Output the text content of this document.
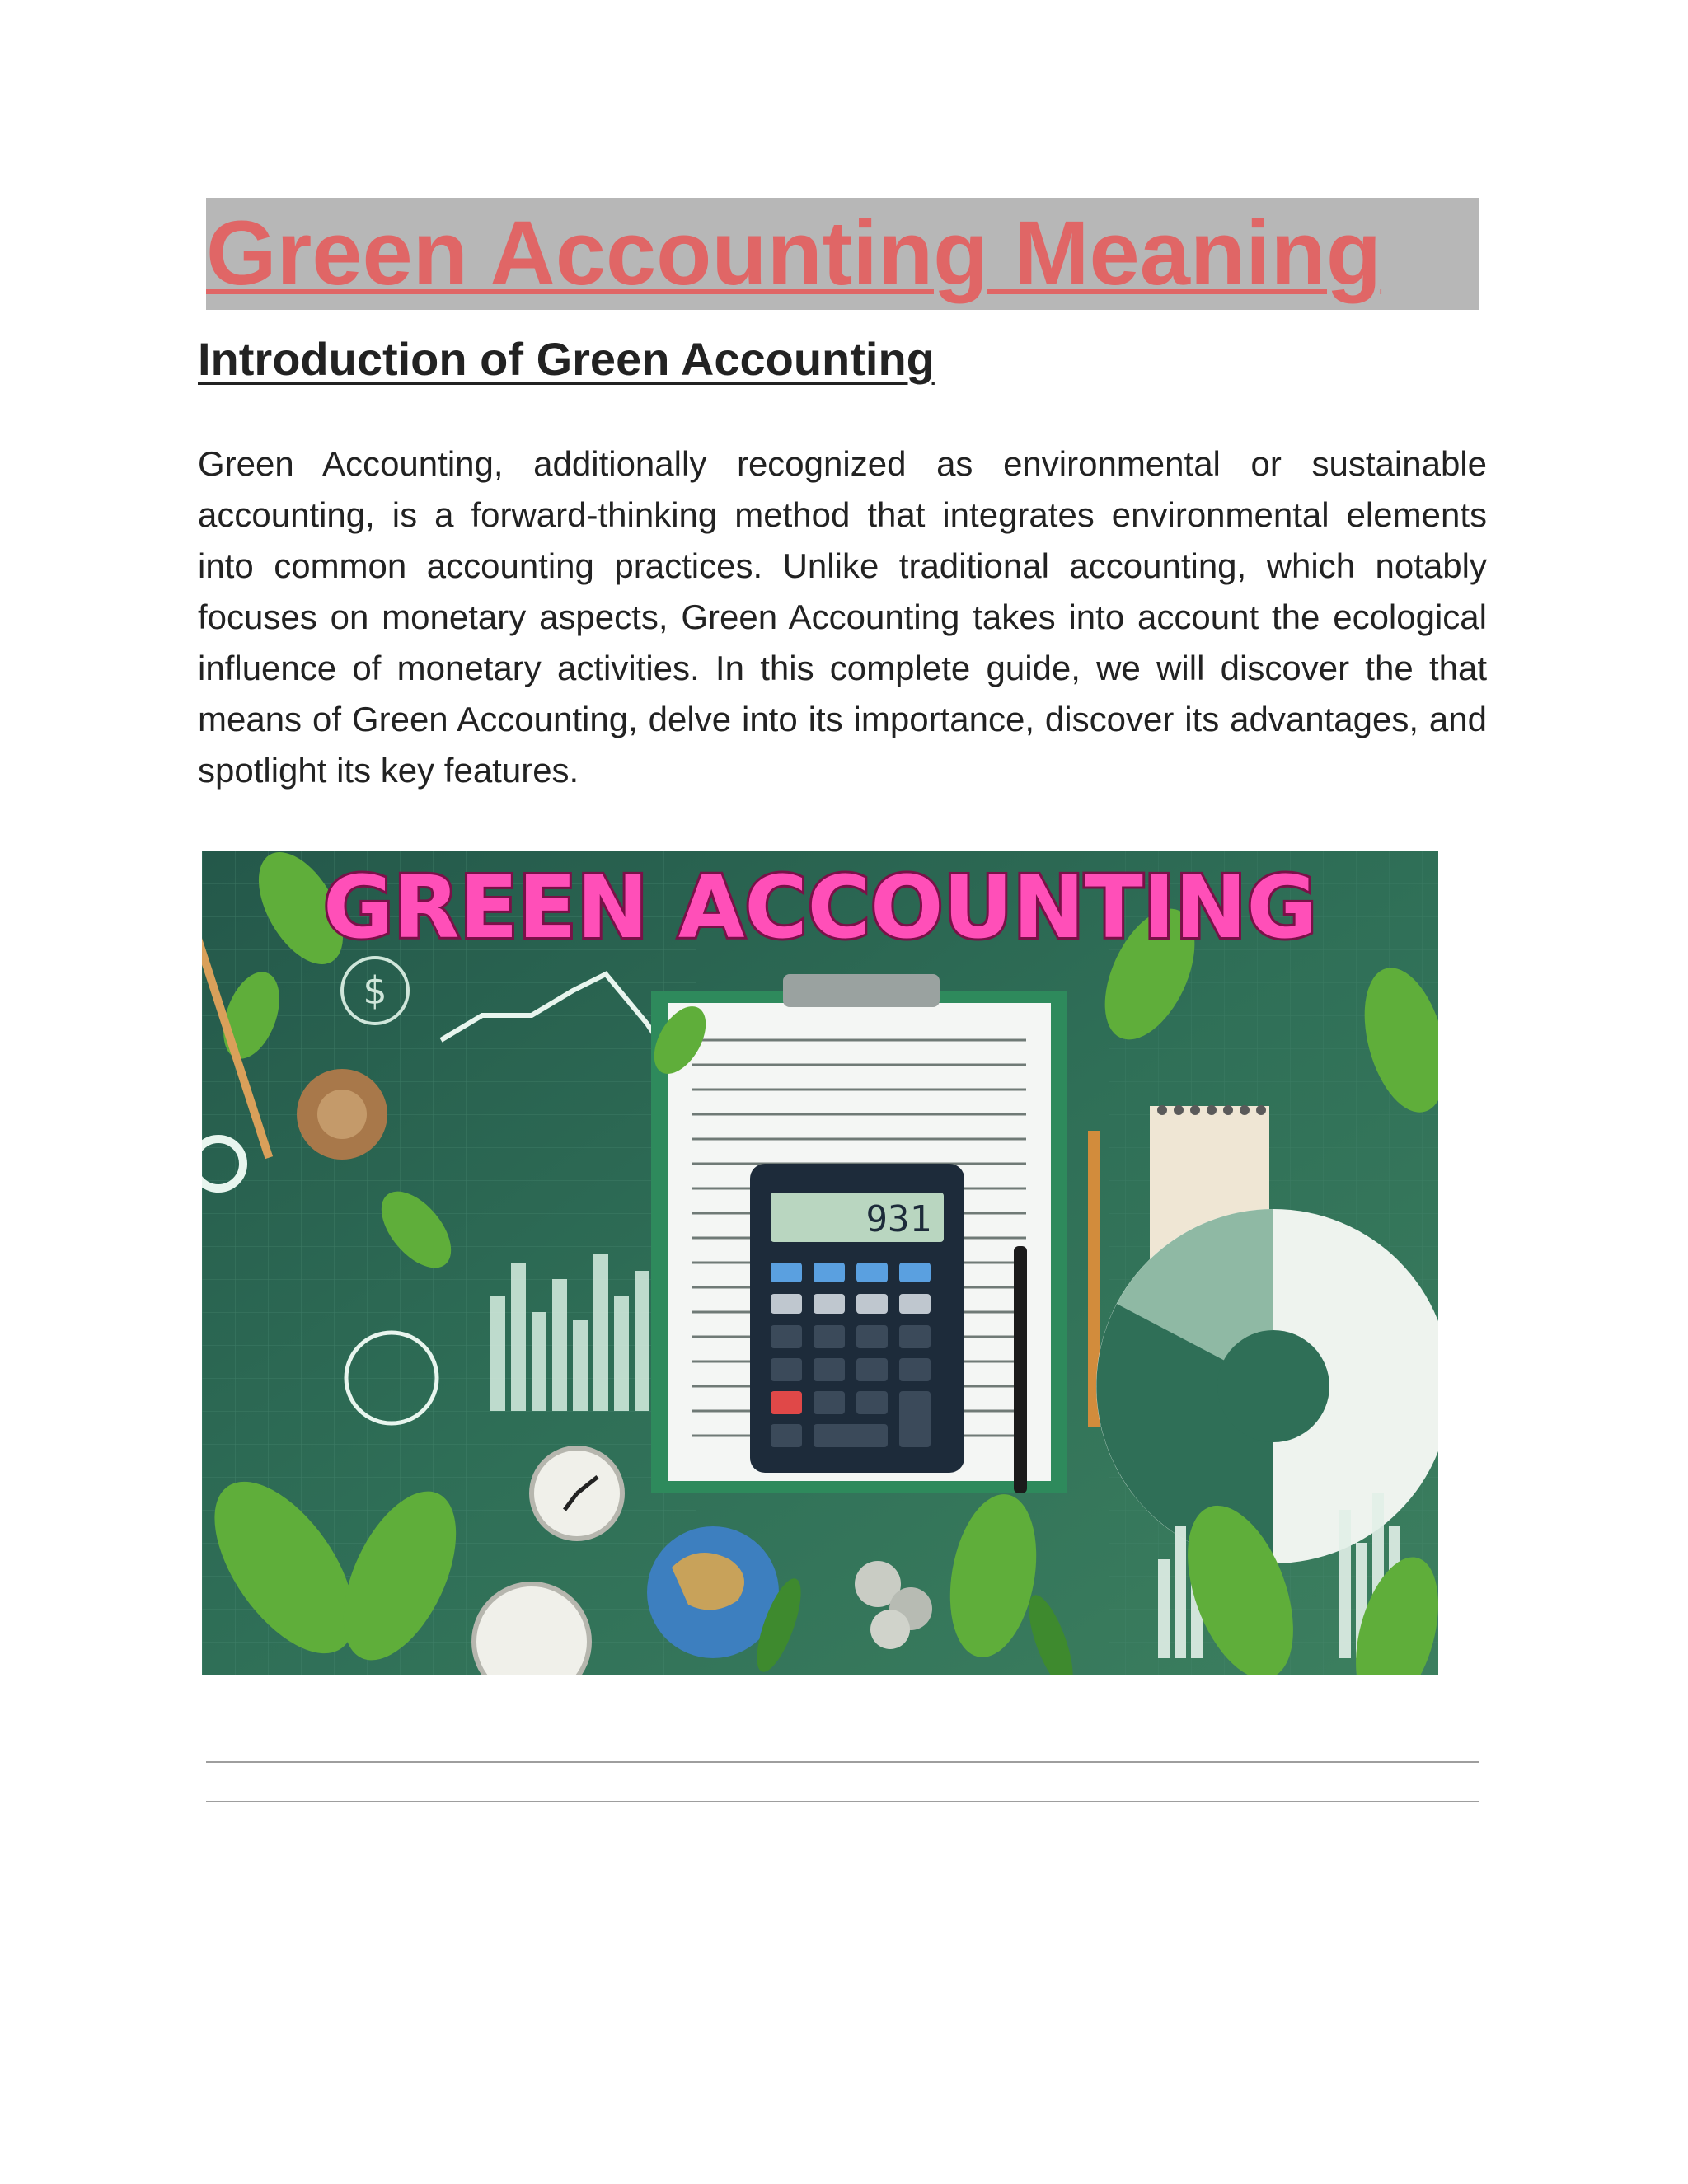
Green Accounting Meaning
Introduction of Green Accounting

Green Accounting, additionally recognized as environmental or sustainable accounting, is a forward-thinking method that integrates environmental elements into common accounting practices. Unlike traditional accounting, which notably focuses on monetary aspects, Green Accounting takes into account the ecological influence of monetary activities. In this complete guide, we will discover the that means of Green Accounting, delve into its importance, discover its advantages, and spotlight its key features.

$
931
GREEN ACCOUNTING
